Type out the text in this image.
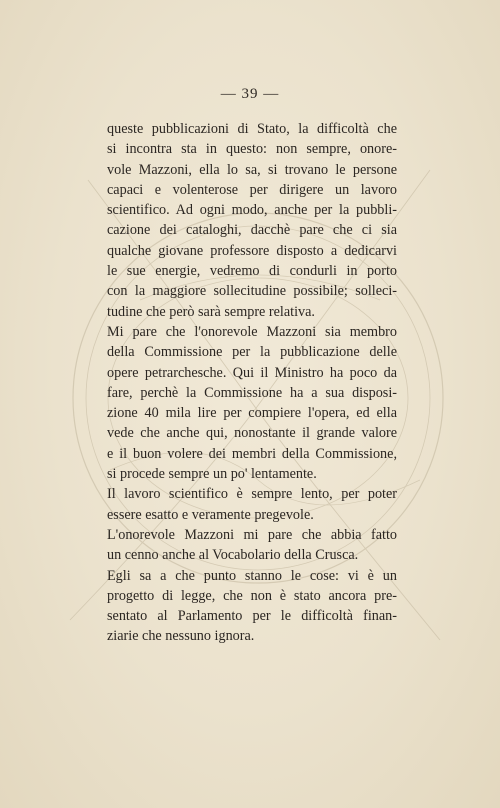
— 39 —
queste pubblicazioni di Stato, la difficoltà che
si incontra sta in questo: non sempre, onore-
vole Mazzoni, ella lo sa, si trovano le persone
capaci e volenterose per dirigere un lavoro
scientifico. Ad ogni modo, anche per la pubbli-
cazione dei cataloghi, dacchè pare che ci sia
qualche giovane professore disposto a dedicarvi
le sue energie, vedremo di condurli in porto
con la maggiore sollecitudine possibile; solleci-
tudine che però sarà sempre relativa.
Mi pare che l'onorevole Mazzoni sia membro
della Commissione per la pubblicazione delle
opere petrarchesche. Qui il Ministro ha poco da
fare, perchè la Commissione ha a sua disposi-
zione 40 mila lire per compiere l'opera, ed ella
vede che anche qui, nonostante il grande valore
e il buon volere dei membri della Commissione,
si procede sempre un po' lentamente.
Il lavoro scientifico è sempre lento, per poter
essere esatto e veramente pregevole.
L'onorevole Mazzoni mi pare che abbia fatto
un cenno anche al Vocabolario della Crusca.
Egli sa a che punto stanno le cose: vi è un
progetto di legge, che non è stato ancora pre-
sentato al Parlamento per le difficoltà finan-
ziarie che nessuno ignora.
